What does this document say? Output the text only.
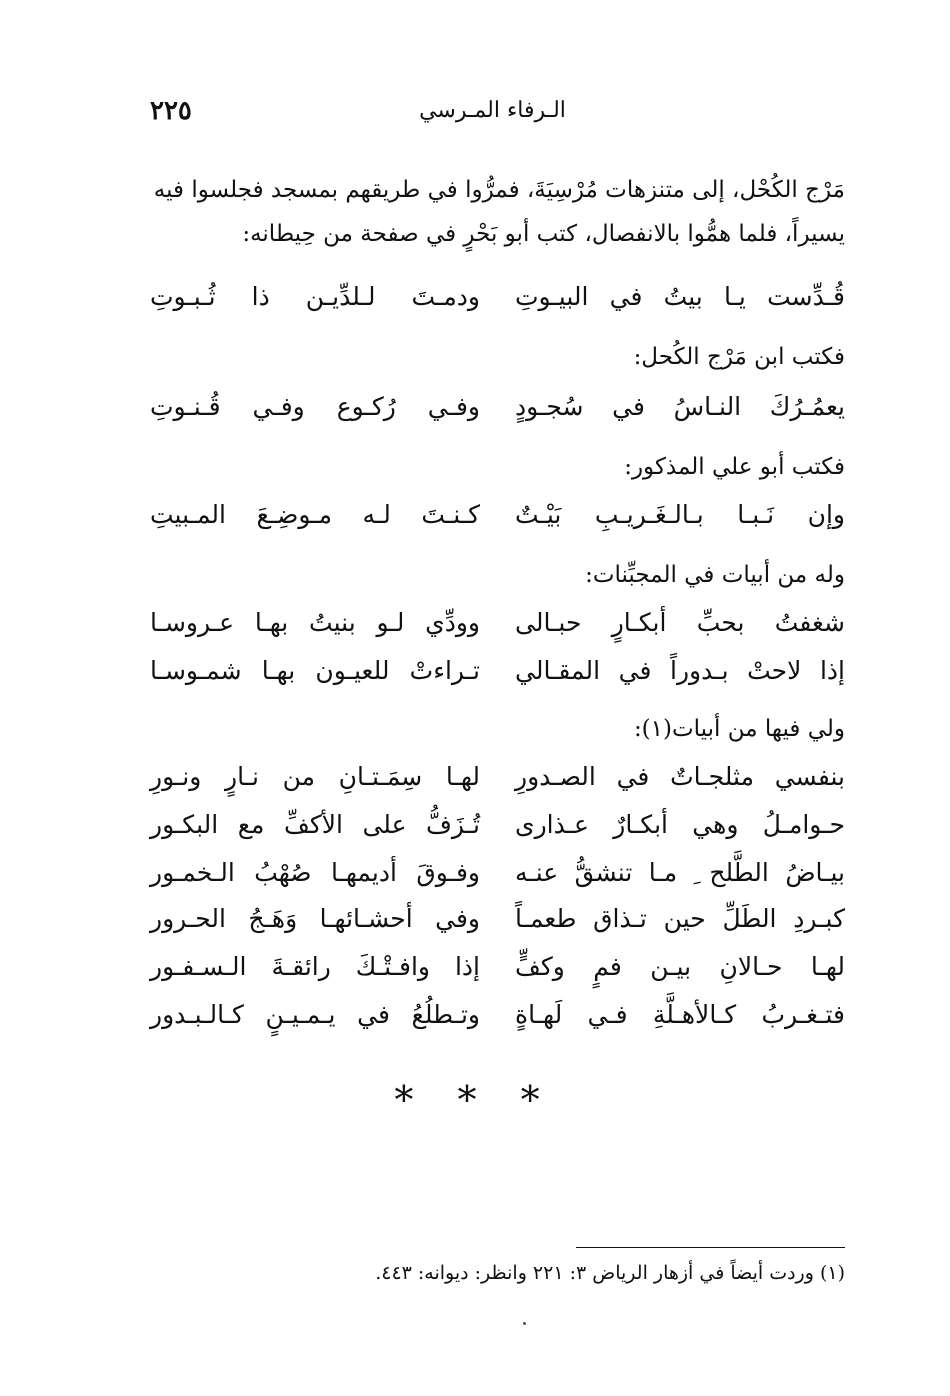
٢٢٥	الـرفاء المـرسي
مَرْج الكُحْل، إلى متنزهات مُرْسِيَةَ، فمرُّوا في طريقهم بمسجد فجلسوا فيه
يسيراً، فلما همُّوا بالانفصال، كتب أبو بَحْرٍ في صفحة من حِيطانه:
قُـدِّست يـا بيتُ في البيـوتِ
ودمـتَ لـلدِّيـن ذا ثُـبـوتِ
فكتب ابن مَرْج الكُحل:
يعمُـرُكَ النـاسُ في سُجـودٍ
وفـي رُكـوع وفـي قُـنـوتِ
فكتب أبو علي المذكور:
وإن نَـبـا بـالـغَـريـبِ بَيْـتٌ
كـنـتَ لـه مـوضِـعَ المـبيتِ
وله من أبيات في المجبِّنات:
شغفتُ بحبِّ أبكـارٍ حبـالى
وودِّي لـو بنيتُ بهـا عـروسـا
إذا لاحتْ بـدوراً في المقـالي
تـراءتْ للعيـون بهـا شمـوسـا
ولي فيها من أبيات(١):
بنفسي مثلجـاتٌ في الصـدورِ
لهـا سِمَـتـانِ من نـارٍ ونـورِ
حـوامـلُ وهي أبكـارٌ عـذارى
تُـزَفُّ على الأكفِّ مع البكـور
بيـاضُ الطَّلح ِ مـا تنشقُّ عنـه
وفـوقَ أديمهـا صُهْبُ الـخمـور
كبـردِ الطَلِّ حين تـذاق طعمـاً
وفي أحشـائهـا وَهَـجُ الحـرور
لهـا حـالانِ بيـن فمٍ وكفٍّ
إذا وافـتْـكَ رائقـةَ الـسـفـور
فتـغـربُ كـالأهـلَّةِ فـي لَهـاةٍ
وتـطلُعُ في يـمـيـنٍ كـالـبـدور
* * *
(١) وردت أيضاً في أزهار الرياض ٣: ٢٢١ وانظر: ديوانه: ٤٤٣.
